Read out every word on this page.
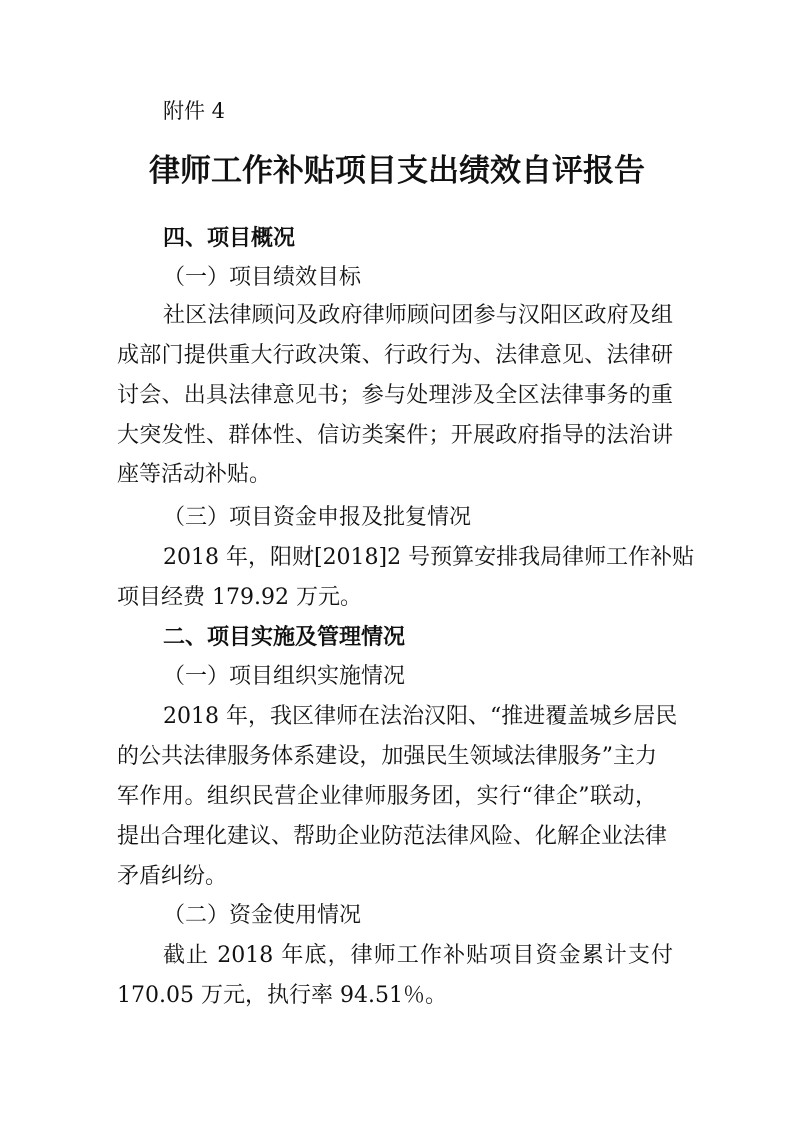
附件 4

律师工作补贴项目支出绩效自评报告

四、项目概况

（一）项目绩效目标

社区法律顾问及政府律师顾问团参与汉阳区政府及组

成部门提供重大行政决策、行政行为、法律意见、法律研

讨会、出具法律意见书；参与处理涉及全区法律事务的重

大突发性、群体性、信访类案件；开展政府指导的法治讲

座等活动补贴。

（三）项目资金申报及批复情况

2018 年，阳财[2018]2 号预算安排我局律师工作补贴

项目经费 179.92 万元。

二、项目实施及管理情况

（一）项目组织实施情况

2018 年，我区律师在法治汉阳、“推进覆盖城乡居民

的公共法律服务体系建设，加强民生领域法律服务”主力

军作用。组织民营企业律师服务团，实行“律企”联动，

提出合理化建议、帮助企业防范法律风险、化解企业法律

矛盾纠纷。

（二）资金使用情况

截止 2018 年底，律师工作补贴项目资金累计支付

170.05 万元，执行率 94.51％。
